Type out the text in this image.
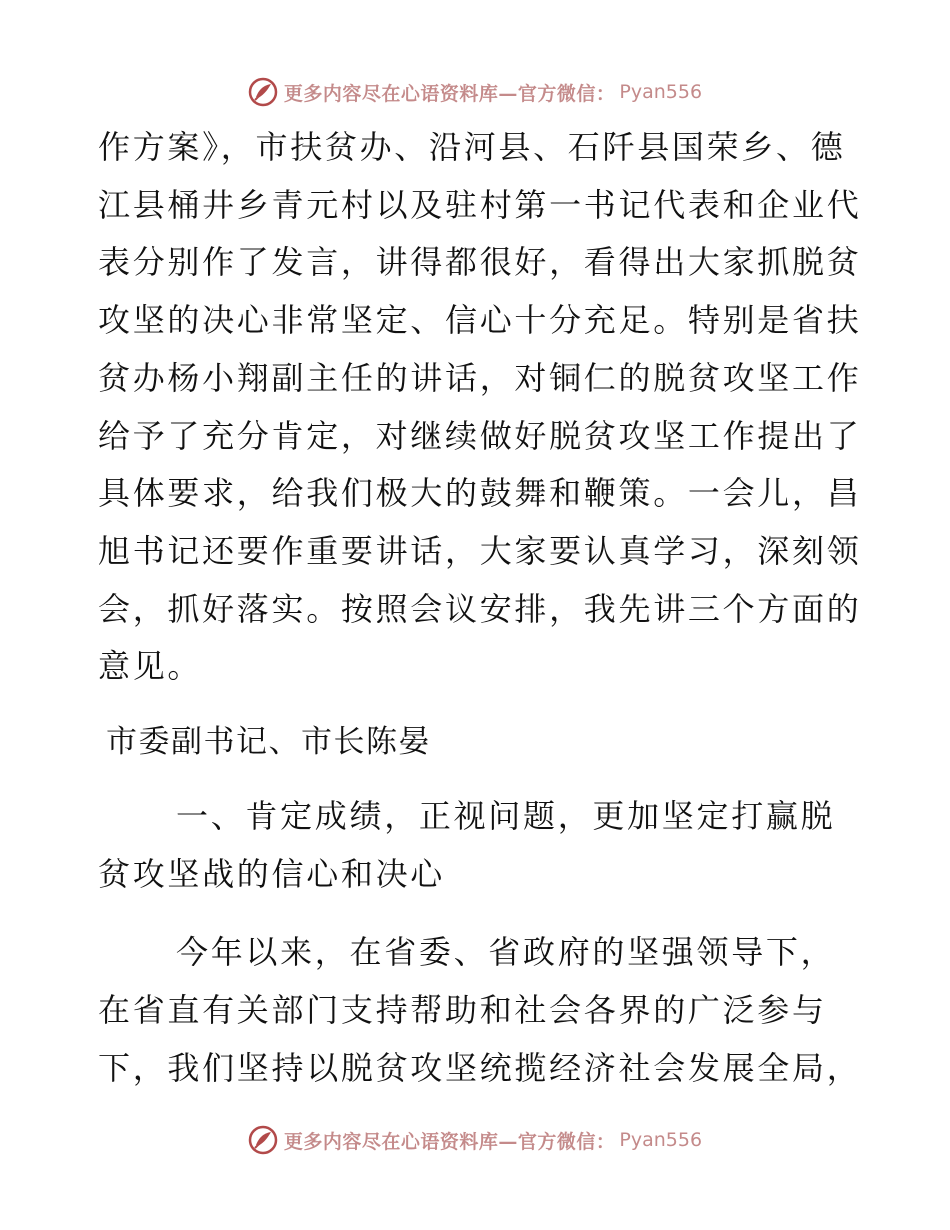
更多内容尽在心语资料库—官方微信： Pyan556
作方案》，市扶贫办、沿河县、石阡县国荣乡、德
江县桶井乡青元村以及驻村第一书记代表和企业代
表分别作了发言，讲得都很好，看得出大家抓脱贫
攻坚的决心非常坚定、信心十分充足。特别是省扶
贫办杨小翔副主任的讲话，对铜仁的脱贫攻坚工作
给予了充分肯定，对继续做好脱贫攻坚工作提出了
具体要求，给我们极大的鼓舞和鞭策。一会儿，昌
旭书记还要作重要讲话，大家要认真学习，深刻领
会，抓好落实。按照会议安排，我先讲三个方面的
意见。
市委副书记、市长陈晏
一、肯定成绩，正视问题，更加坚定打赢脱
贫攻坚战的信心和决心
今年以来，在省委、省政府的坚强领导下，
在省直有关部门支持帮助和社会各界的广泛参与
下，我们坚持以脱贫攻坚统揽经济社会发展全局，
更多内容尽在心语资料库—官方微信： Pyan556
